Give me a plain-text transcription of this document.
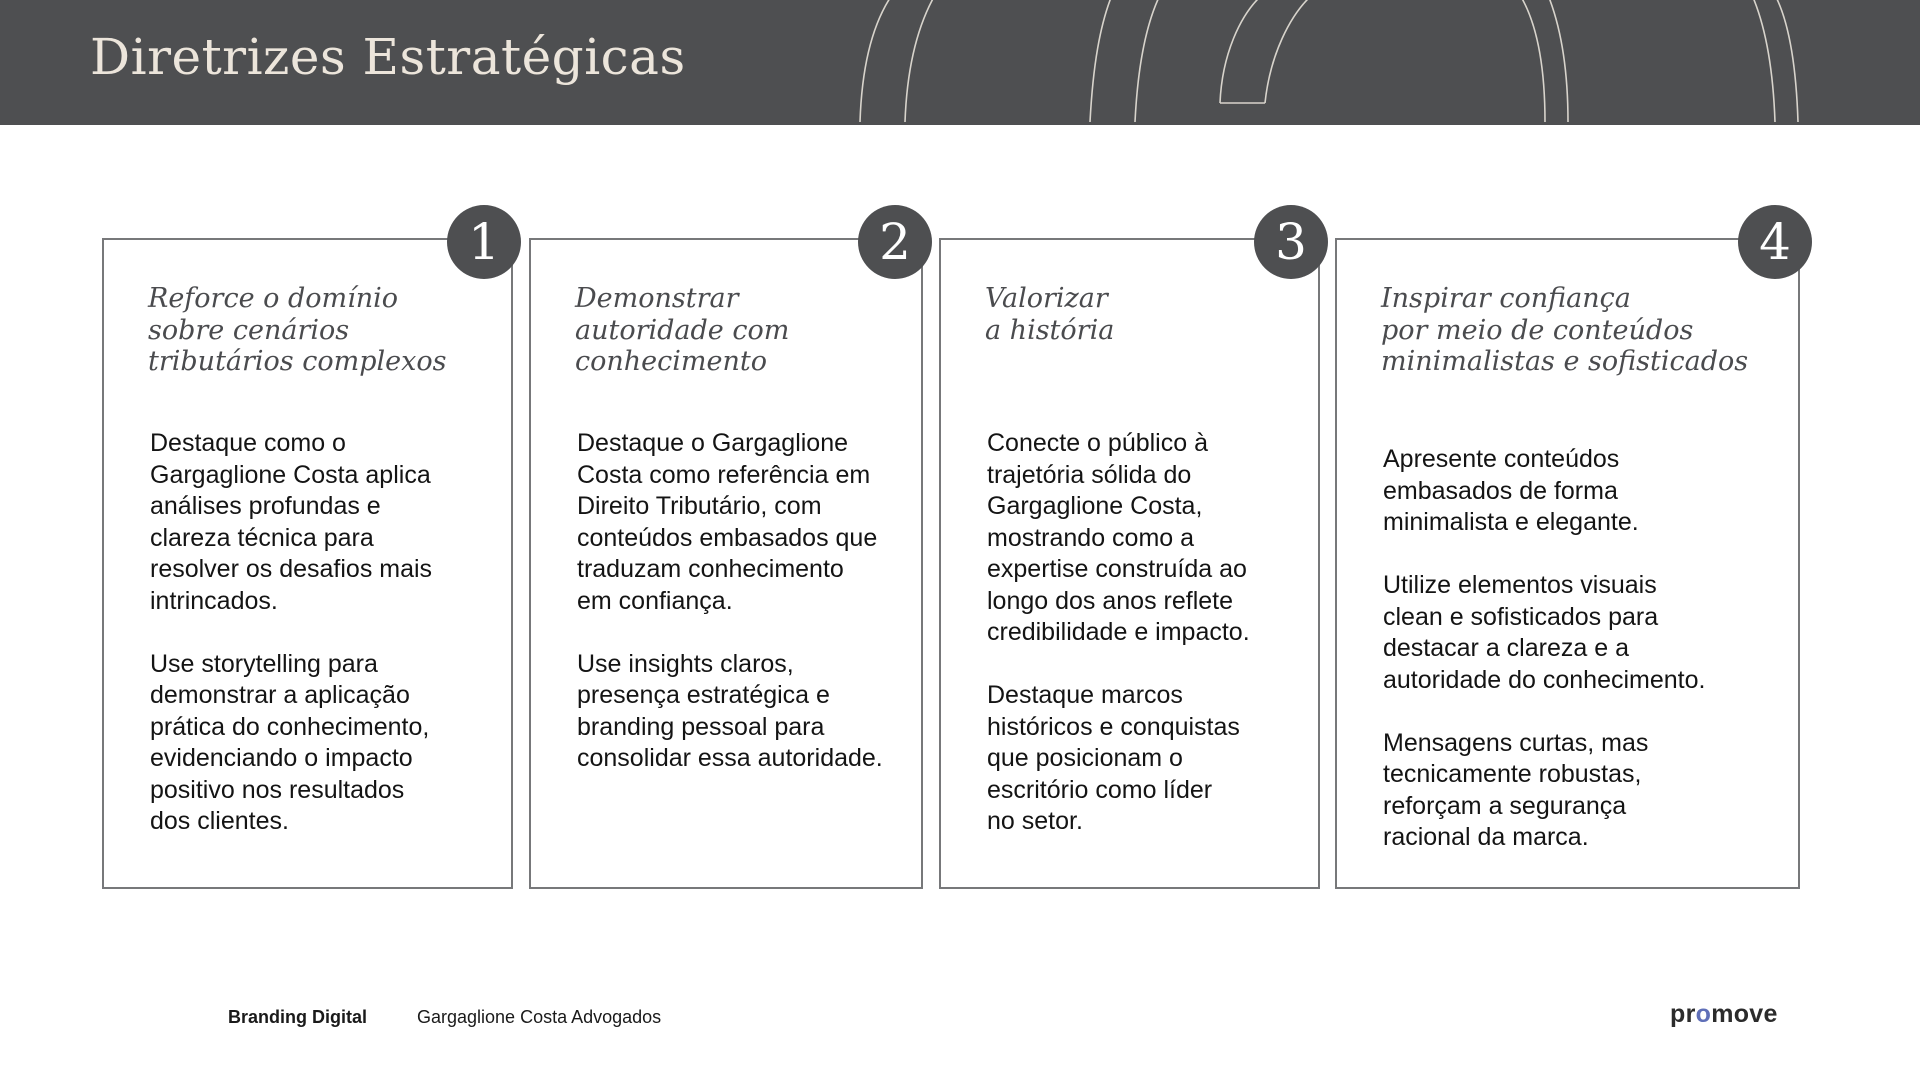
Diretrizes Estratégicas
1
Reforce o domínio
sobre cenários
tributários complexos

Destaque como o
Gargaglione Costa aplica
análises profundas e
clareza técnica para
resolver os desafios mais
intrincados.

Use storytelling para
demonstrar a aplicação
prática do conhecimento,
evidenciando o impacto
positivo nos resultados
dos clientes.

2
Demonstrar
autoridade com
conhecimento

Destaque o Gargaglione
Costa como referência em
Direito Tributário, com
conteúdos embasados que
traduzam conhecimento
em confiança.

Use insights claros,
presença estratégica e
branding pessoal para
consolidar essa autoridade.

3
Valorizar
a história

Conecte o público à
trajetória sólida do
Gargaglione Costa,
mostrando como a
expertise construída ao
longo dos anos reflete
credibilidade e impacto.

Destaque marcos
históricos e conquistas
que posicionam o
escritório como líder
no setor.

4
Inspirar confiança
por meio de conteúdos
minimalistas e sofisticados

Apresente conteúdos
embasados de forma
minimalista e elegante.

Utilize elementos visuais
clean e sofisticados para
destacar a clareza e a
autoridade do conhecimento.

Mensagens curtas, mas
tecnicamente robustas,
reforçam a segurança
racional da marca.

Branding Digital	Gargaglione Costa Advogados	promove
